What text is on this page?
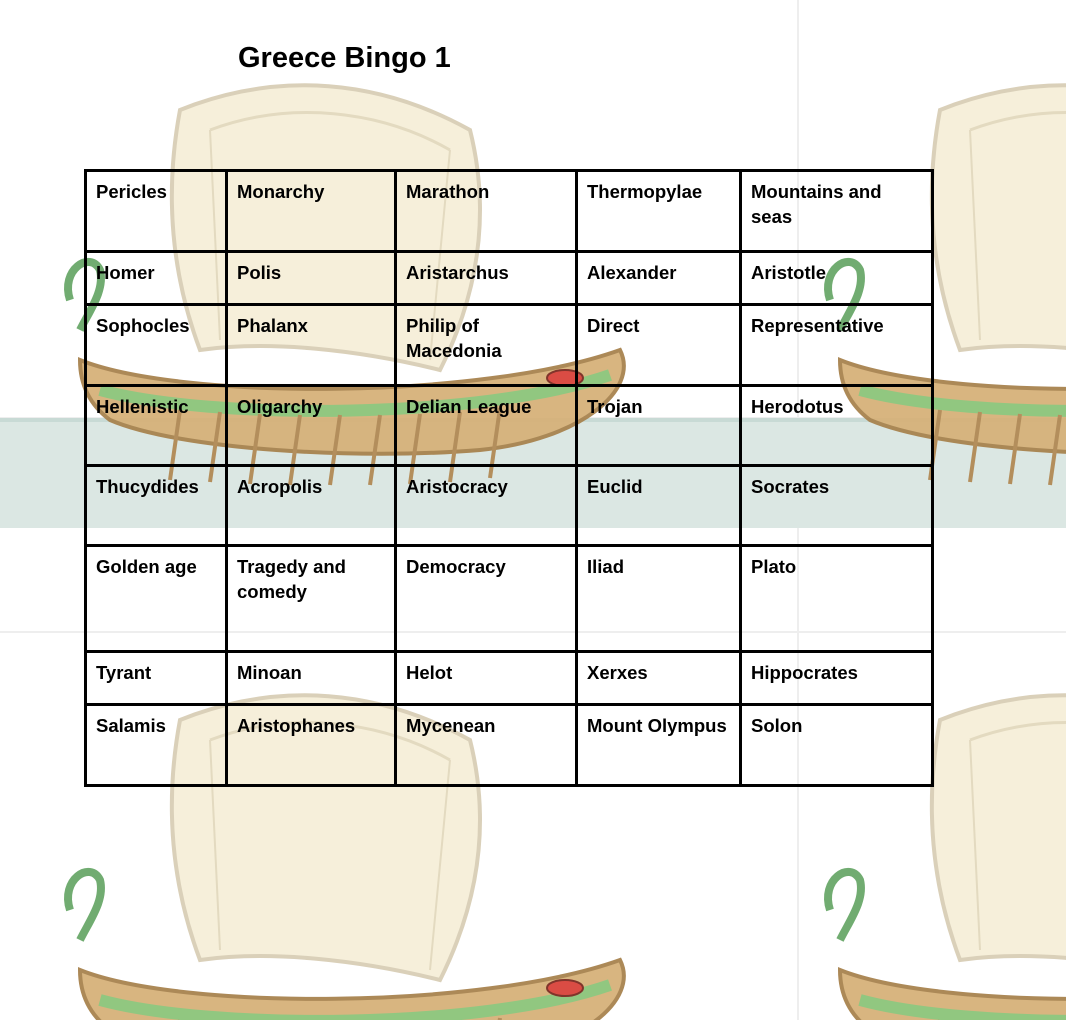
Greece Bingo 1
Pericles	Monarchy	Marathon	Thermopylae	Mountains and seas
Homer	Polis	Aristarchus	Alexander	Aristotle
Sophocles	Phalanx	Philip of Macedonia	Direct	Representative
Hellenistic	Oligarchy	Delian League	Trojan	Herodotus
Thucydides	Acropolis	Aristocracy	Euclid	Socrates
Golden age	Tragedy and comedy	Democracy	Iliad	Plato
Tyrant	Minoan	Helot	Xerxes	Hippocrates
Salamis	Aristophanes	Mycenean	Mount Olympus	Solon
